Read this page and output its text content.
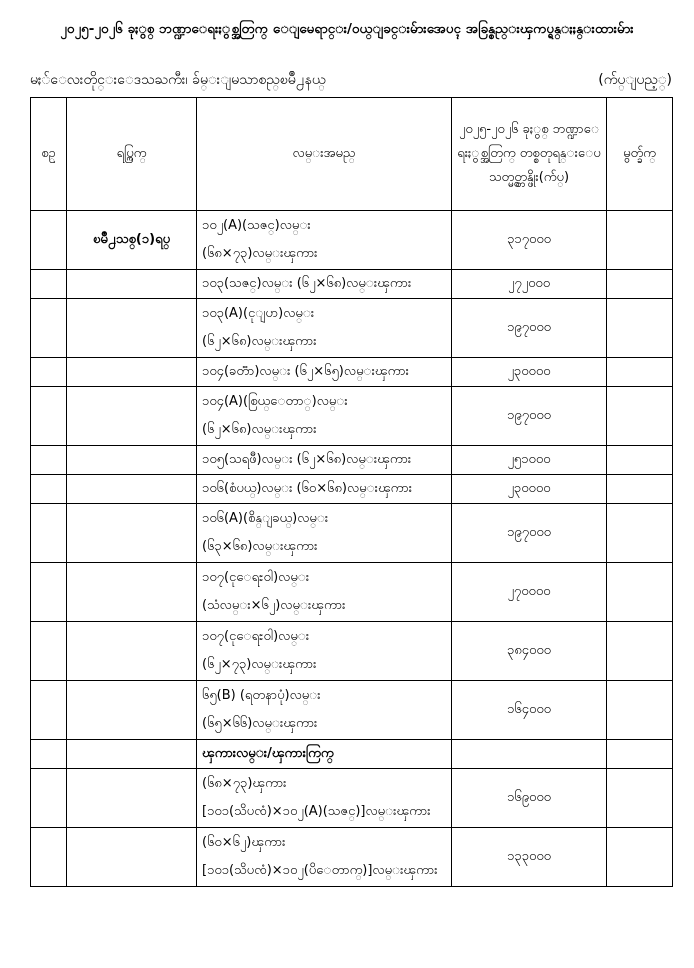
၂၀၂၅-၂၀၂၆ ခုႏွစ္ ဘဏ္ဍာေရးႏွစ္အတြက္ ေျမေရာင္း/ဝယ္ျခင္းမ်ားအေပၚ အခြန္စည္းၾကပ္ရန္ႏႈန္းထားမ်ား
မႏၲေလးတိုင္းေဒသႀကီး၊ ခ်မ္းျမသာစည္ၿမိဳ႕နယ္	(က်ပ္ျပည့္)
စဥ္	ရပ္ကြက္	လမ္းအမည္	၂၀၂၅-၂၀၂၆ ခုႏွစ္ ဘဏ္ဍာေရးႏွစ္အတြက္ တစ္စတုရန္းေပ သတ္မွတ္တန္ဖိုး(က်ပ္)	မွတ္ခ်က္
	ၿမိဳ႕သစ္(၁)ရပ္	၁၀၂(A)(သဇင္)လမ္း
(၆၈×၇၃)လမ္းၾကား	၃၁၇၀၀၀	

		၁၀၃(သဇင္)လမ္း (၆၂×၆၈)လမ္းၾကား	၂၇၂၀၀၀	

		၁၀၃(A)(ငုျပာ)လမ္း
(၆၂×၆၈)လမ္းၾကား	၁၉၇၀၀၀	

		၁၀၄(ခတၱာ)လမ္း (၆၂×၆၅)လမ္းၾကား	၂၃၀၀၀၀	

		၁၀၄(A)(စြယ္ေတာ္)လမ္း
(၆၂×၆၈)လမ္းၾကား	၁၉၇၀၀၀	

		၁၀၅(သရဖီ)လမ္း (၆၂×၆၈)လမ္းၾကား	၂၅၁၀၀၀	

		၁၀၆(စံပယ္)လမ္း (၆၀×၆၈)လမ္းၾကား	၂၃၀၀၀၀	

		၁၀၆(A)(စိန္ျခယ္)လမ္း
(၆၃×၆၈)လမ္းၾကား	၁၉၇၀၀၀	

		၁၀၇(ငုေရႊဝါ)လမ္း
(သံလမ္း×၆၂)လမ္းၾကား	၂၇၀၀၀၀	

		၁၀၇(ငုေရႊဝါ)လမ္း
(၆၂×၇၃)လမ္းၾကား	၃၈၄၀၀၀	

		၆၅(B) (ရတနာပုံ)လမ္း
(၆၅×၆၆)လမ္းၾကား	၁၆၄၀၀၀	

		ၾကားလမ္း/ၾကားကြက္		

		(၆၈×၇၃)ၾကား
[၁၀၁(သိပၸံ)×၁၀၂(A)(သဇင္)]လမ္းၾကား	၁၆၉၀၀၀	

		(၆၀×၆၂)ၾကား
[၁၀၁(သိပၸံ)×၁၀၂(ပိေတာက္)]လမ္းၾကား	၁၃၃၀၀၀	
